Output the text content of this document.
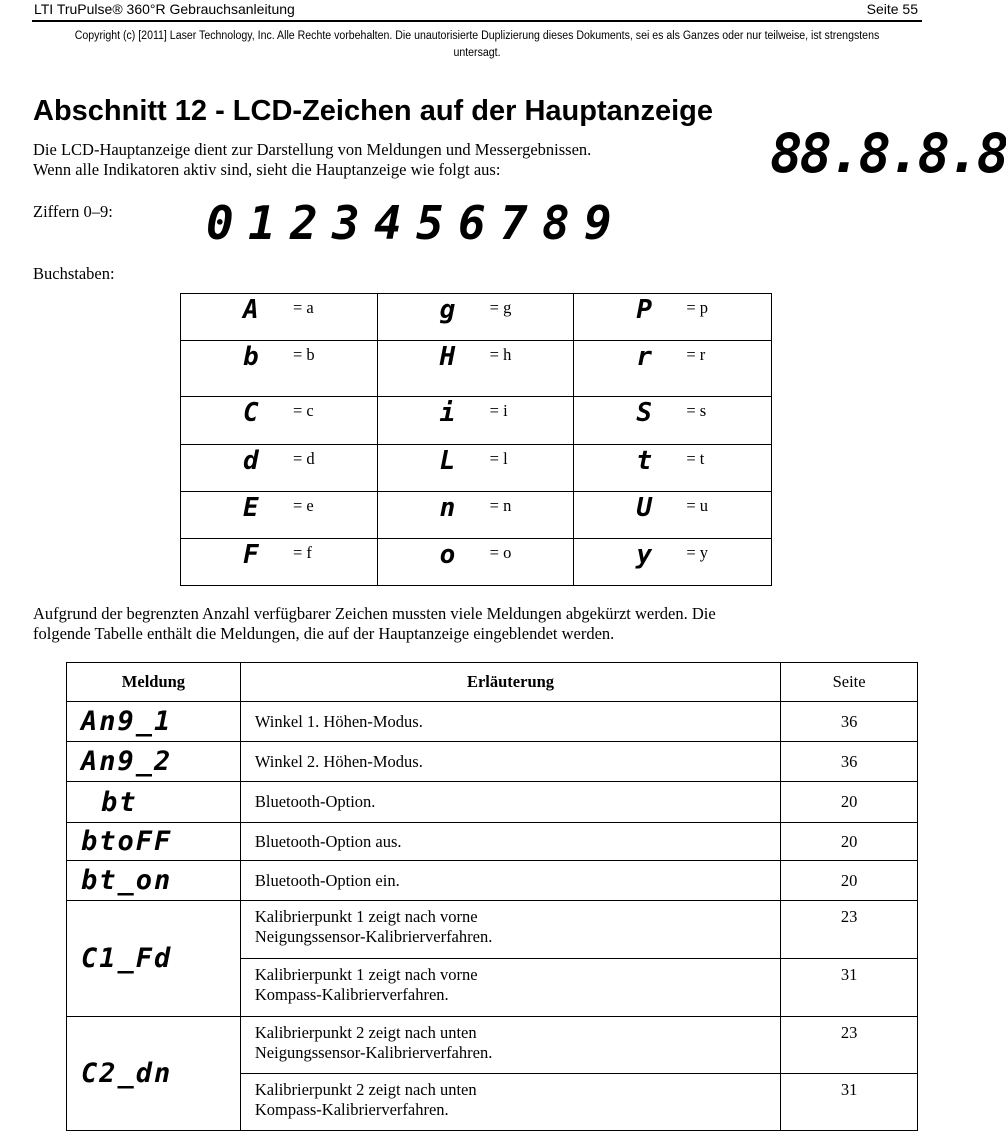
LTI TruPulse® 360°R Gebrauchsanleitung	Seite 55
Copyright (c) [2011] Laser Technology, Inc. Alle Rechte vorbehalten. Die unautorisierte Duplizierung dieses Dokuments, sei es als Ganzes oder nur teilweise, ist strengstens untersagt.
Abschnitt 12 - LCD-Zeichen auf der Hauptanzeige
Die LCD-Hauptanzeige dient zur Darstellung von Meldungen und Messergebnissen.
Wenn alle Indikatoren aktiv sind, sieht die Hauptanzeige wie folgt aus:	88.8.8.8
Ziffern 0–9: 0 1 2 3 4 5 6 7 8 9
Buchstaben:
A = a	g = g	P = p

b = b	H = h	r = r

C = c	i = i	S = s

d = d	L = l	t = t

E = e	n = n	U = u

F = f	o = o	y = y
Aufgrund der begrenzten Anzahl verfügbarer Zeichen mussten viele Meldungen abgekürzt werden. Die
folgende Tabelle enthält die Meldungen, die auf der Hauptanzeige eingeblendet werden.
Meldung	Erläuterung	Seite
An9_1	Winkel 1. Höhen-Modus.	36
An9_2	Winkel 2. Höhen-Modus.	36
bt	Bluetooth-Option.	20
btoFF	Bluetooth-Option aus.	20
bt_on	Bluetooth-Option ein.	20
C1_Fd	Kalibrierpunkt 1 zeigt nach vorne
Neigungssensor-Kalibrierverfahren.	23

	Kalibrierpunkt 1 zeigt nach vorne
Kompass-Kalibrierverfahren.	31
C2_dn	Kalibrierpunkt 2 zeigt nach unten
Neigungssensor-Kalibrierverfahren.	23

	Kalibrierpunkt 2 zeigt nach unten
Kompass-Kalibrierverfahren.	31
